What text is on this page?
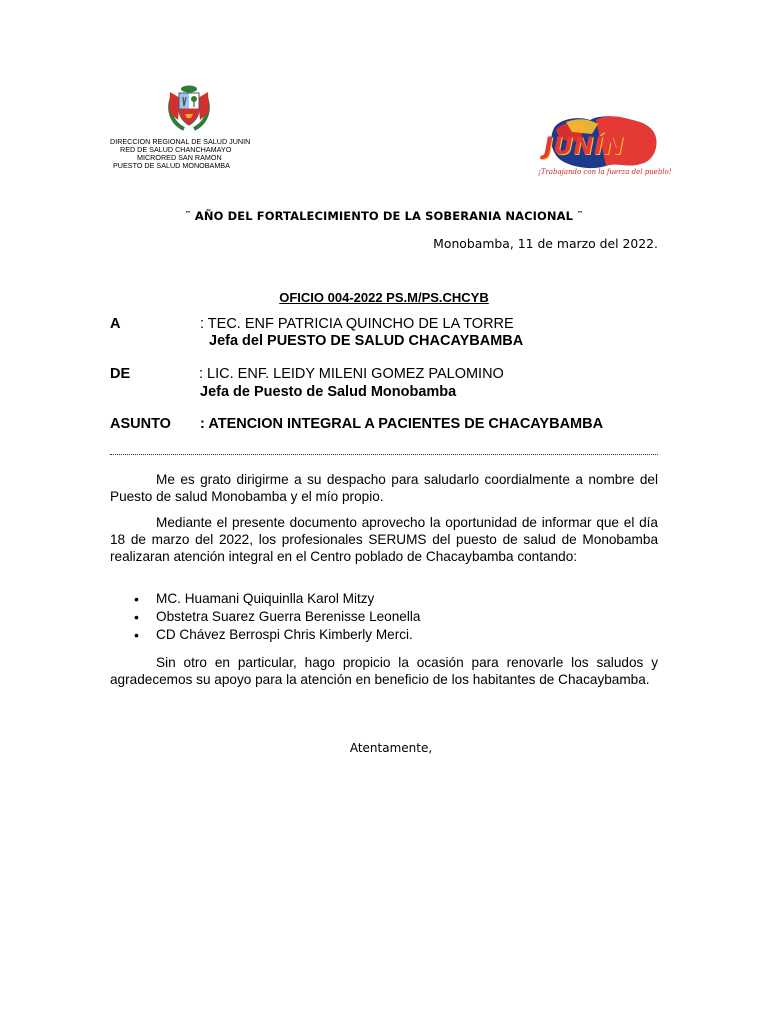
DIRECCION REGIONAL DE SALUD JUNIN
RED DE SALUD CHANCHAMAYO
MICRORED SAN RAMON
PUESTO DE SALUD MONOBAMBA
JUNÍN
¡Trabajando con la fuerza del pueblo!
¨ AÑO DEL FORTALECIMIENTO DE LA SOBERANIA NACIONAL ¨
Monobamba, 11 de marzo del 2022.
OFICIO 004-2022 PS.M/PS.CHCYB
A	: TEC. ENF PATRICIA QUINCHO DE LA TORRE
Jefa del PUESTO DE SALUD CHACAYBAMBA
DE	: LIC. ENF. LEIDY MILENI GOMEZ PALOMINO
Jefa de Puesto de Salud Monobamba
ASUNTO : ATENCION INTEGRAL A PACIENTES DE CHACAYBAMBA
Me es grato dirigirme a su despacho para saludarlo coordialmente a nombre del Puesto de salud Monobamba y el mío propio.
Mediante el presente documento aprovecho la oportunidad de informar que el día 18 de marzo del 2022, los profesionales SERUMS del puesto de salud de Monobamba realizaran atención integral en el Centro poblado de Chacaybamba contando:
• MC. Huamani Quiquinlla Karol Mitzy
• Obstetra Suarez Guerra Berenisse Leonella
• CD Chávez Berrospi Chris Kimberly Merci.
Sin otro en particular, hago propicio la ocasión para renovarle los saludos y agradecemos su apoyo para la atención en beneficio de los habitantes de Chacaybamba.
Atentamente,
